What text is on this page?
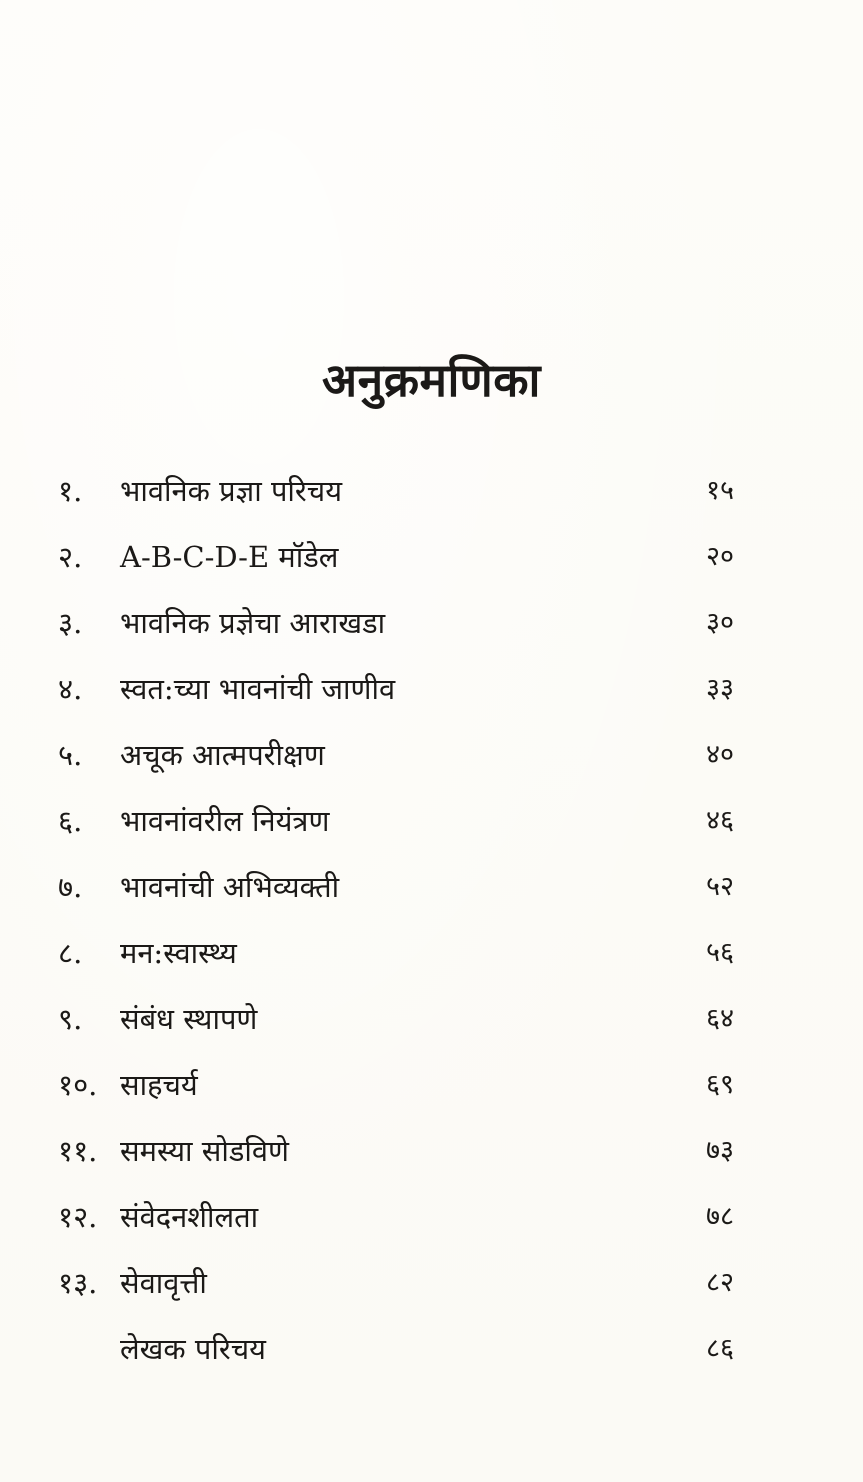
अनुक्रमणिका
१. भावनिक प्रज्ञा परिचय	१५
२. A-B-C-D-E मॉडेल	२०
३. भावनिक प्रज्ञेचा आराखडा	३०
४. स्वत:च्या भावनांची जाणीव	३३
५. अचूक आत्मपरीक्षण	४०
६. भावनांवरील नियंत्रण	४६
७. भावनांची अभिव्यक्ती	५२
८. मन:स्वास्थ्य	५६
९. संबंध स्थापणे	६४
१०. साहचर्य	६९
११. समस्या सोडविणे	७३
१२. संवेदनशीलता	७८
१३. सेवावृत्ती	८२
लेखक परिचय	८६
